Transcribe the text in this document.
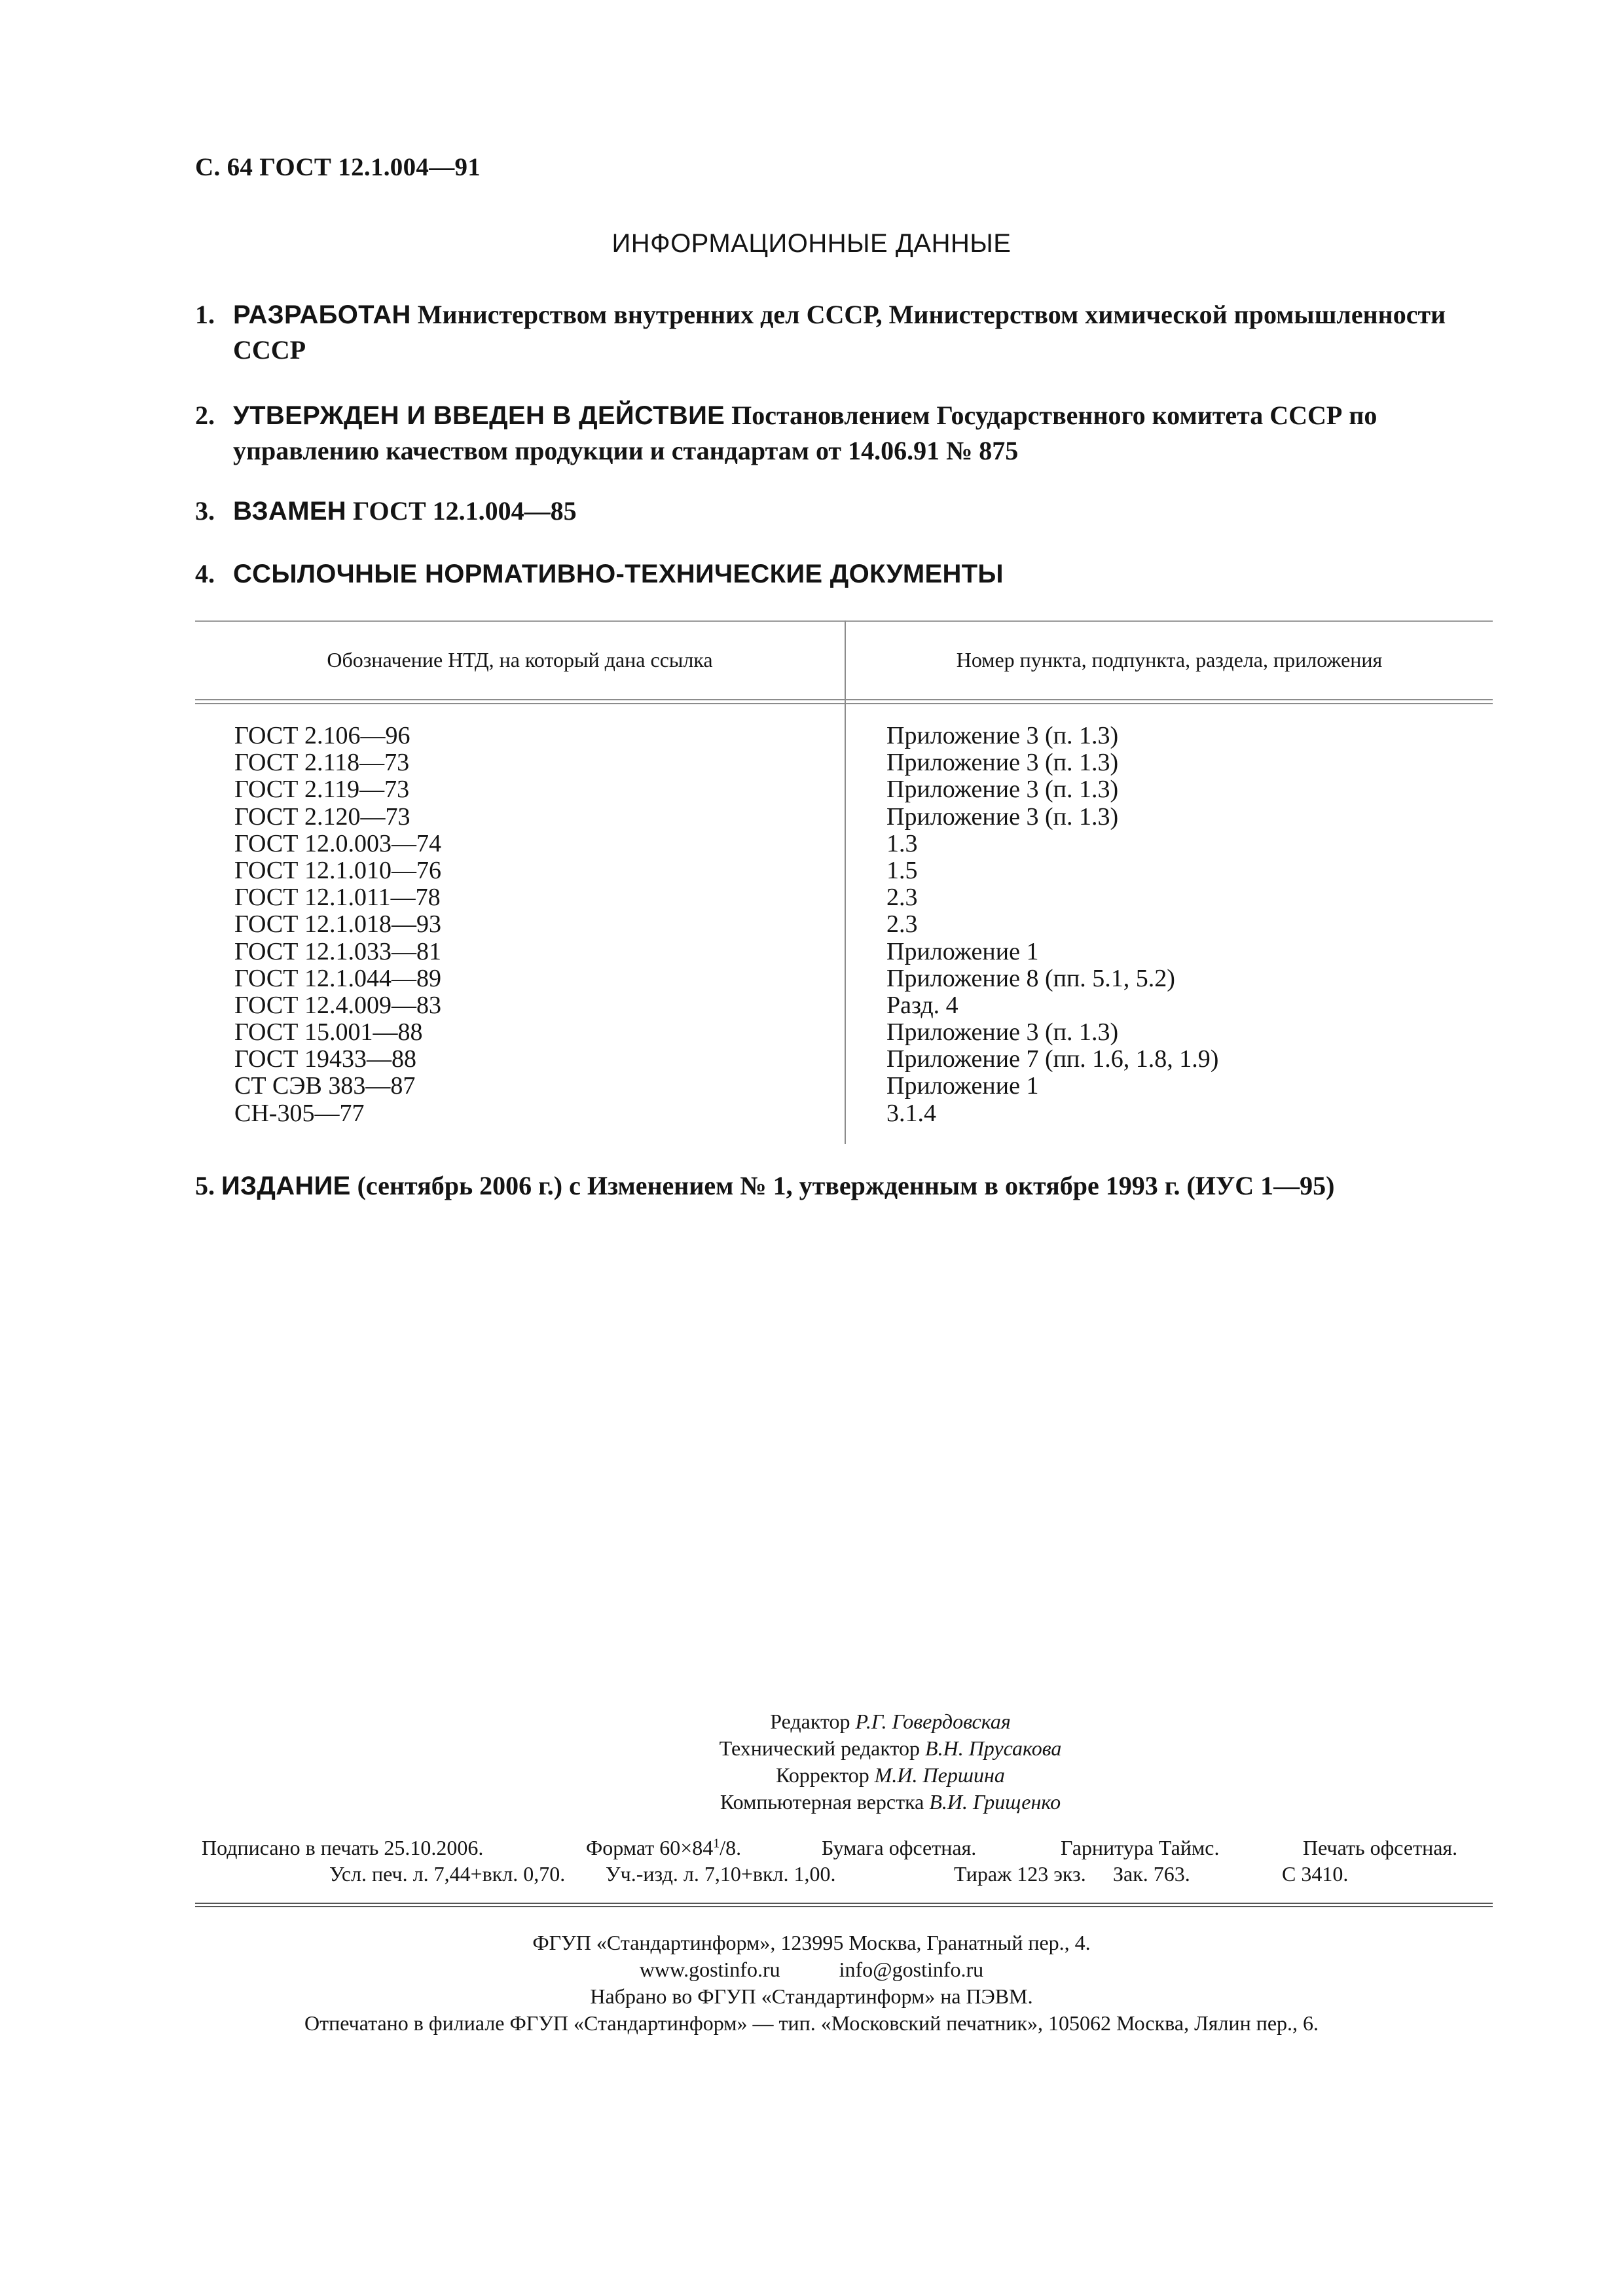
С. 64 ГОСТ 12.1.004—91
ИНФОРМАЦИОННЫЕ ДАННЫЕ
1. РАЗРАБОТАН Министерством внутренних дел СССР, Министерством химической промышленности СССР
2. УТВЕРЖДЕН И ВВЕДЕН В ДЕЙСТВИЕ Постановлением Государственного комитета СССР по управлению качеством продукции и стандартам от 14.06.91 № 875
3. ВЗАМЕН ГОСТ 12.1.004—85
4. ССЫЛОЧНЫЕ НОРМАТИВНО-ТЕХНИЧЕСКИЕ ДОКУМЕНТЫ
Обозначение НТД, на который дана ссылка	Номер пункта, подпункта, раздела, приложения
ГОСТ 2.106—96	Приложение 3 (п. 1.3)
ГОСТ 2.118—73	Приложение 3 (п. 1.3)
ГОСТ 2.119—73	Приложение 3 (п. 1.3)
ГОСТ 2.120—73	Приложение 3 (п. 1.3)
ГОСТ 12.0.003—74	1.3
ГОСТ 12.1.010—76	1.5
ГОСТ 12.1.011—78	2.3
ГОСТ 12.1.018—93	2.3
ГОСТ 12.1.033—81	Приложение 1
ГОСТ 12.1.044—89	Приложение 8 (пп. 5.1, 5.2)
ГОСТ 12.4.009—83	Разд. 4
ГОСТ 15.001—88	Приложение 3 (п. 1.3)
ГОСТ 19433—88	Приложение 7 (пп. 1.6, 1.8, 1.9)
СТ СЭВ 383—87	Приложение 1
СН-305—77	3.1.4
5. ИЗДАНИЕ (сентябрь 2006 г.) с Изменением № 1, утвержденным в октябре 1993 г. (ИУС 1—95)
Редактор Р.Г. Говердовская
Технический редактор В.Н. Прусакова
Корректор М.И. Першина
Компьютерная верстка В.И. Грищенко
Подписано в печать 25.10.2006.	Формат $60\times 84^1/8$.	Бумага офсетная.	Гарнитура Таймс.	Печать офсетная.
Усл. печ. л. 7,44+вкл. 0,70. Уч.-изд. л. 7,10+вкл. 1,00.	Тираж 123 экз. Зак. 763.	С 3410.
ФГУП «Стандартинформ», 123995 Москва, Гранатный пер., 4.
www.gostinfo.ru	info@gostinfo.ru
Набрано во ФГУП «Стандартинформ» на ПЭВМ.
Отпечатано в филиале ФГУП «Стандартинформ» — тип. «Московский печатник», 105062 Москва, Лялин пер., 6.
